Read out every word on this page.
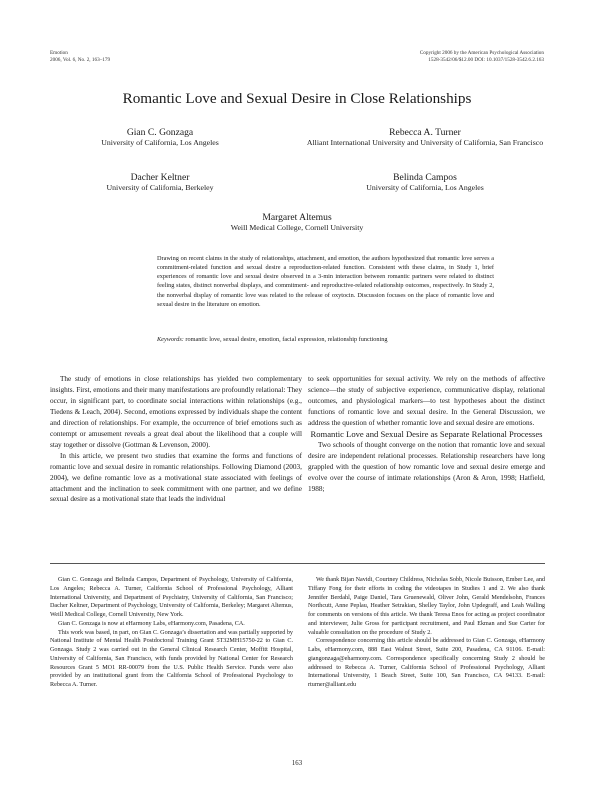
Emotion
2006, Vol. 6, No. 2, 163–179
Copyright 2006 by the American Psychological Association
1528-3542/06/$12.00 DOI: 10.1037/1528-3542.6.2.163
Romantic Love and Sexual Desire in Close Relationships
Gian C. Gonzaga
University of California, Los Angeles
Rebecca A. Turner
Alliant International University and University of California, San Francisco
Dacher Keltner
University of California, Berkeley
Belinda Campos
University of California, Los Angeles
Margaret Altemus
Weill Medical College, Cornell University
Drawing on recent claims in the study of relationships, attachment, and emotion, the authors hypothesized that romantic love serves a commitment-related function and sexual desire a reproduction-related function. Consistent with these claims, in Study 1, brief experiences of romantic love and sexual desire observed in a 3-min interaction between romantic partners were related to distinct feeling states, distinct nonverbal displays, and commitment- and reproductive-related relationship outcomes, respectively. In Study 2, the nonverbal display of romantic love was related to the release of oxytocin. Discussion focuses on the place of romantic love and sexual desire in the literature on emotion.
Keywords: romantic love, sexual desire, emotion, facial expression, relationship functioning

The study of emotions in close relationships has yielded two complementary insights. First, emotions and their many manifestations are profoundly relational: They occur, in significant part, to coordinate social interactions within relationships (e.g., Tiedens & Leach, 2004). Second, emotions expressed by individuals shape the content and direction of relationships. For example, the occurrence of brief emotions such as contempt or amusement reveals a great deal about the likelihood that a couple will stay together or dissolve (Gottman & Levenson, 2000).

In this article, we present two studies that examine the forms and functions of romantic love and sexual desire in romantic relationships. Following Diamond (2003, 2004), we define romantic love as a motivational state associated with feelings of attachment and the inclination to seek commitment with one partner, and we define sexual desire as a motivational state that leads the individual

to seek opportunities for sexual activity. We rely on the methods of affective science—the study of subjective experience, communicative display, relational outcomes, and physiological markers—to test hypotheses about the distinct functions of romantic love and sexual desire. In the General Discussion, we address the question of whether romantic love and sexual desire are emotions.

Romantic Love and Sexual Desire as Separate Relational Processes

Two schools of thought converge on the notion that romantic love and sexual desire are independent relational processes. Relationship researchers have long grappled with the question of how romantic love and sexual desire emerge and evolve over the course of intimate relationships (Aron & Aron, 1998; Hatfield, 1988;

Gian C. Gonzaga and Belinda Campos, Department of Psychology, University of California, Los Angeles; Rebecca A. Turner, California School of Professional Psychology, Alliant International University, and Department of Psychiatry, University of California, San Francisco; Dacher Keltner, Department of Psychology, University of California, Berkeley; Margaret Altemus, Weill Medical College, Cornell University, New York.

Gian C. Gonzaga is now at eHarmony Labs, eHarmony.com, Pasadena, CA.

This work was based, in part, on Gian C. Gonzaga’s dissertation and was partially supported by National Institute of Mental Health Postdoctoral Training Grant 5T32MH15750-22 to Gian C. Gonzaga. Study 2 was carried out in the General Clinical Research Center, Moffitt Hospital, University of California, San Francisco, with funds provided by National Center for Research Resources Grant 5 MO1 RR-00079 from the U.S. Public Health Service. Funds were also provided by an institutional grant from the California School of Professional Psychology to Rebecca A. Turner.

We thank Bijan Navidi, Courtney Childress, Nicholas Sobb, Nicole Buisson, Ember Lee, and Tiffany Fong for their efforts in coding the videotapes in Studies 1 and 2. We also thank Jennifer Berdahl, Paige Daniel, Tara Gruenewald, Oliver John, Gerald Mendelsohn, Frances Northcutt, Anne Peplau, Heather Setrakian, Shelley Taylor, John Updegraff, and Leah Walling for comments on versions of this article. We thank Teresa Enos for acting as project coordinator and interviewer, Julie Gross for participant recruitment, and Paul Ekman and Sue Carter for valuable consultation on the procedure of Study 2.

Correspondence concerning this article should be addressed to Gian C. Gonzaga, eHarmony Labs, eHarmony.com, 888 East Walnut Street, Suite 200, Pasadena, CA 91106. E-mail: giangonzaga@eharmony.com. Correspondence specifically concerning Study 2 should be addressed to Rebecca A. Turner, California School of Professional Psychology, Alliant International University, 1 Beach Street, Suite 100, San Francisco, CA 94133. E-mail: rturner@alliant.edu

163
